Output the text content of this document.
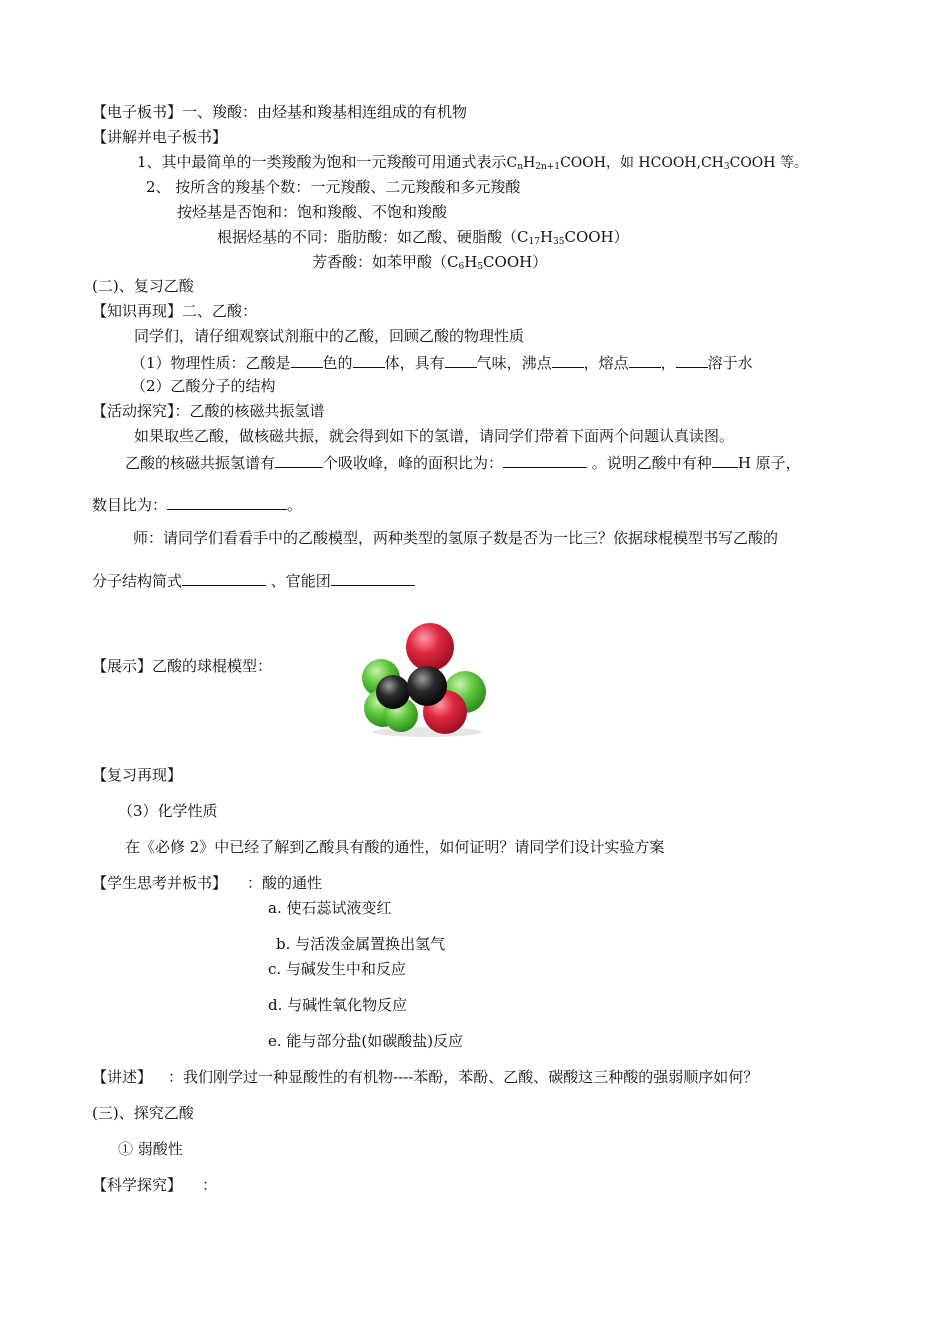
【电子板书】一、羧酸：由烃基和羧基相连组成的有机物
【讲解并电子板书】
1、其中最简单的一类羧酸为饱和一元羧酸可用通式表示$C_nH_{2n+1}COOH$，如 $HCOOH,CH_3COOH$ 等。
2、 按所含的羧基个数：一元羧酸、二元羧酸和多元羧酸
按烃基是否饱和：饱和羧酸、不饱和羧酸
根据烃基的不同：脂肪酸：如乙酸、硬脂酸$(C_{17}H_{35}COOH)$
芳香酸：如苯甲酸$(C_6H_5COOH)$
(二)、复习乙酸
【知识再现】二、乙酸：
同学们，请仔细观察试剂瓶中的乙酸，回顾乙酸的物理性质
（1）物理性质：乙酸是 色的 体，具有 气味，沸点 ，熔点 ， 溶于水
（2）乙酸分子的结构
【活动探究】：乙酸的核磁共振氢谱
如果取些乙酸，做核磁共振，就会得到如下的氢谱，请同学们带着下面两个问题认真读图。
乙酸的核磁共振氢谱有	个吸收峰，峰的面积比为：	。说明乙酸中有种 H 原子，
数目比为：	。
师：请同学们看看手中的乙酸模型，两种类型的氢原子数是否为一比三？依据球棍模型书写乙酸的
分子结构简式	、官能团
【展示】乙酸的球棍模型：
【复习再现】
（3）化学性质
在《必修 2》中已经了解到乙酸具有酸的通性，如何证明？请同学们设计实验方案
【学生思考并板书】 ：酸的通性
a. 使石蕊试液变红
b. 与活泼金属置换出氢气
c. 与碱发生中和反应
d. 与碱性氧化物反应
e. 能与部分盐(如碳酸盐)反应
【讲述】 ：我们刚学过一种显酸性的有机物----苯酚，苯酚、乙酸、碳酸这三种酸的强弱顺序如何？
(三)、探究乙酸
① 弱酸性
【科学探究】 ：
